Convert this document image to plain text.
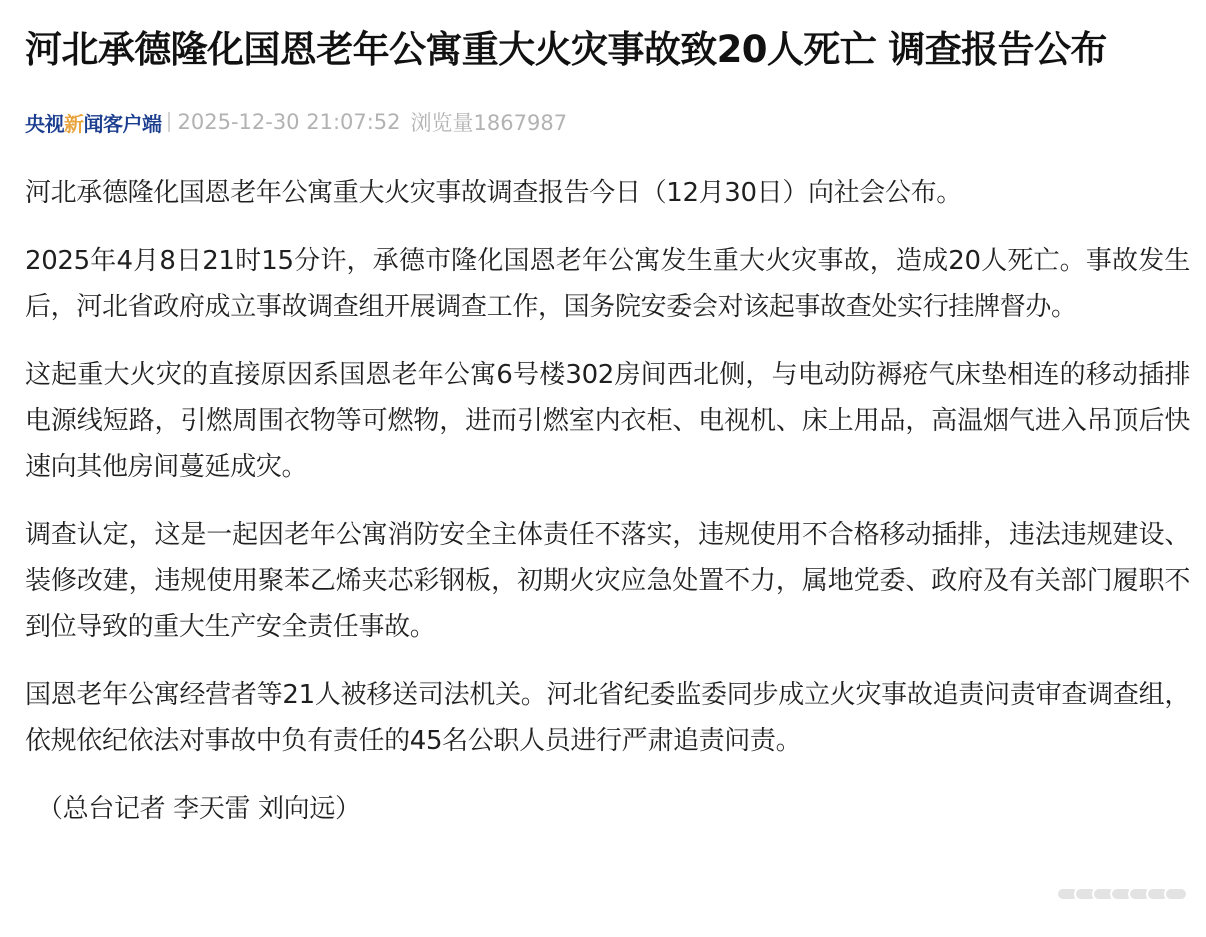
河北承德隆化国恩老年公寓重大火灾事故致20人死亡 调查报告公布
央视新闻客户端 2025-12-30 21:07:52 浏览量1867987

河北承德隆化国恩老年公寓重大火灾事故调查报告今日（12月30日）向社会公布。

2025年4月8日21时15分许，承德市隆化国恩老年公寓发生重大火灾事故，造成20人死亡。事故发生后，河北省政府成立事故调查组开展调查工作，国务院安委会对该起事故查处实行挂牌督办。

这起重大火灾的直接原因系国恩老年公寓6号楼302房间西北侧，与电动防褥疮气床垫相连的移动插排电源线短路，引燃周围衣物等可燃物，进而引燃室内衣柜、电视机、床上用品，高温烟气进入吊顶后快速向其他房间蔓延成灾。

调查认定，这是一起因老年公寓消防安全主体责任不落实，违规使用不合格移动插排，违法违规建设、装修改建，违规使用聚苯乙烯夹芯彩钢板，初期火灾应急处置不力，属地党委、政府及有关部门履职不到位导致的重大生产安全责任事故。

国恩老年公寓经营者等21人被移送司法机关。河北省纪委监委同步成立火灾事故追责问责审查调查组，依规依纪依法对事故中负有责任的45名公职人员进行严肃追责问责。

（总台记者 李天雷 刘向远）
